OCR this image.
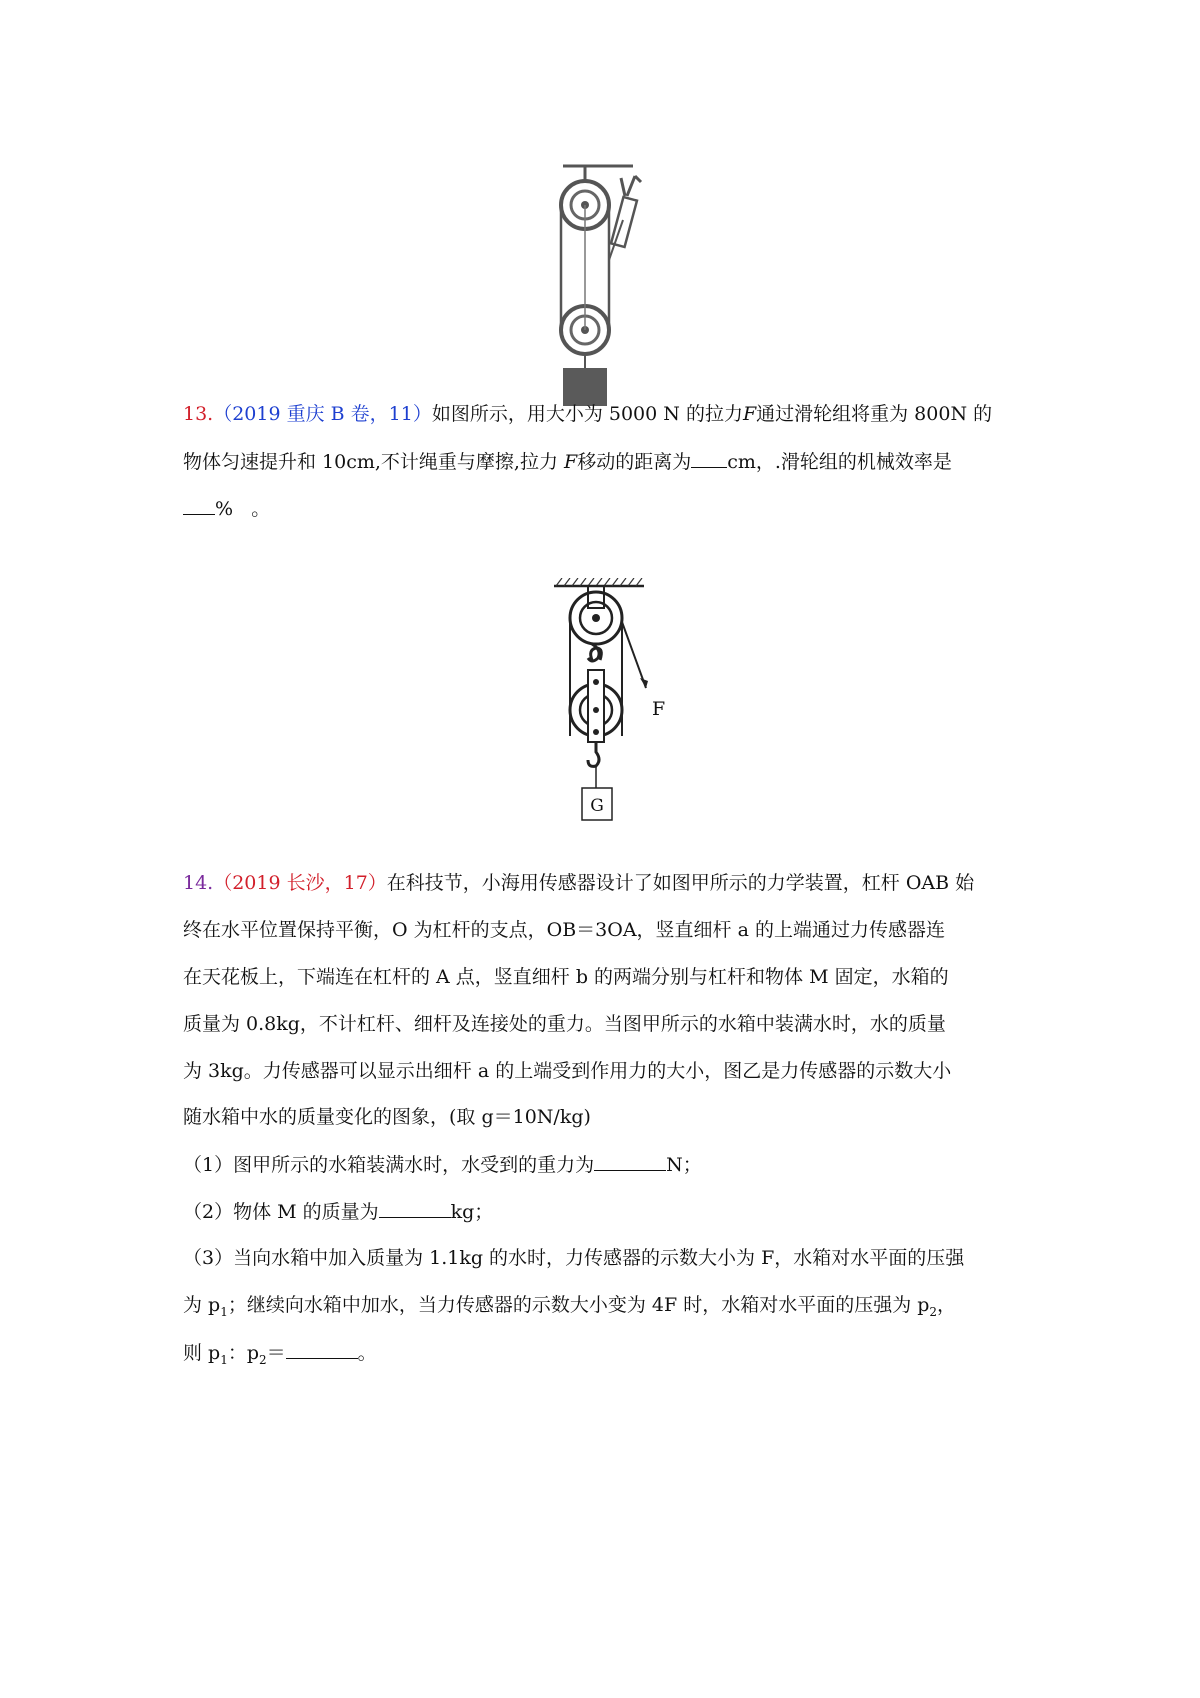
13.（2019 重庆 B 卷，11）如图所示，用大小为 5000 N 的拉力F通过滑轮组将重为 800N 的
物体匀速提升和 10cm,不计绳重与摩擦,拉力 F移动的距离为 cm，.滑轮组的机械效率是
% 。
F
G
14.（2019 长沙，17）在科技节，小海用传感器设计了如图甲所示的力学装置，杠杆 OAB 始
终在水平位置保持平衡，O 为杠杆的支点，OB＝3OA，竖直细杆 a 的上端通过力传感器连
在天花板上，下端连在杠杆的 A 点，竖直细杆 b 的两端分别与杠杆和物体 M 固定，水箱的
质量为 0.8kg，不计杠杆、细杆及连接处的重力。当图甲所示的水箱中装满水时，水的质量
为 3kg。力传感器可以显示出细杆 a 的上端受到作用力的大小，图乙是力传感器的示数大小
随水箱中水的质量变化的图象，(取 g＝10N/kg)
（1）图甲所示的水箱装满水时，水受到的重力为	N；
（2）物体 M 的质量为	kg；
（3）当向水箱中加入质量为 1.1kg 的水时，力传感器的示数大小为 F，水箱对水平面的压强
为 $p_1$；继续向水箱中加水，当力传感器的示数大小变为 4F 时，水箱对水平面的压强为 $p_2$，
则 $p_1$：$p_2=$	。
